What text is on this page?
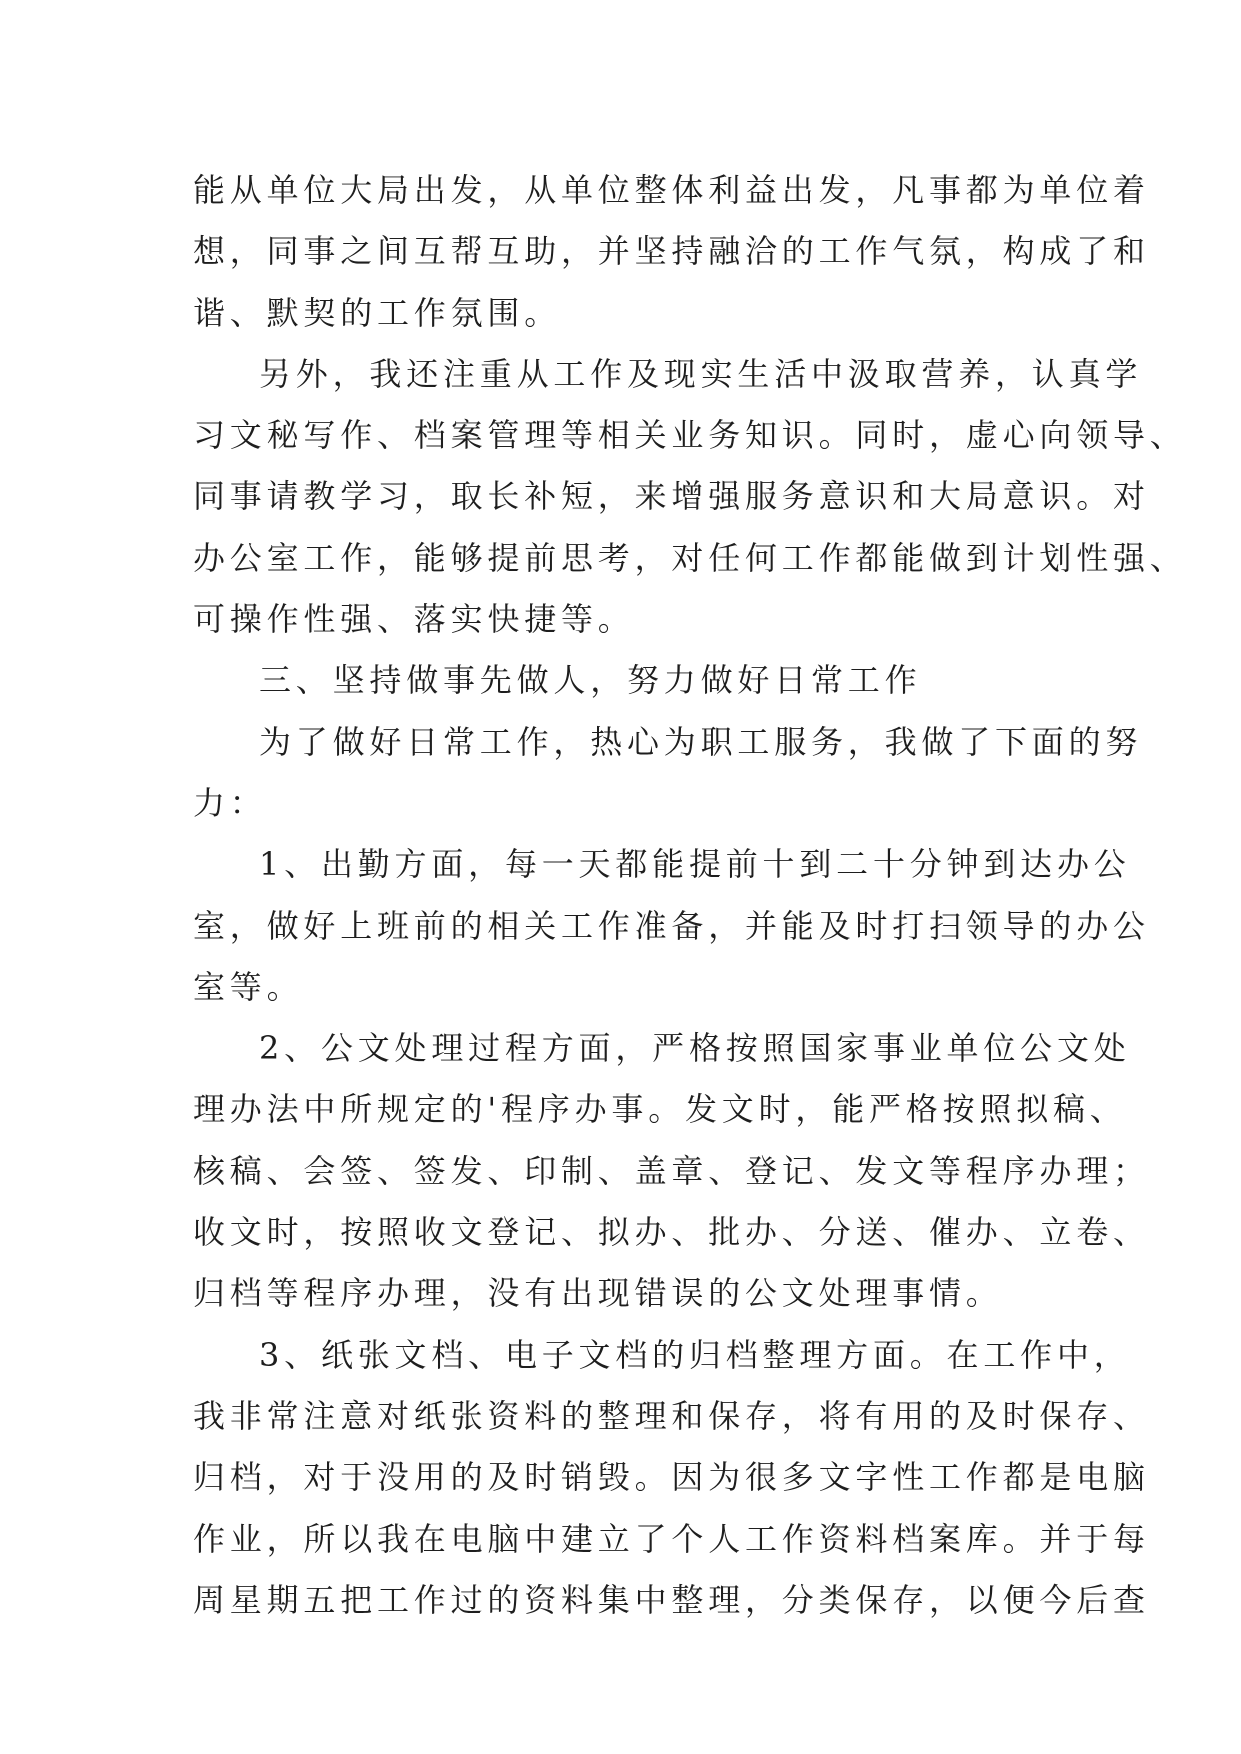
能从单位大局出发，从单位整体利益出发，凡事都为单位着
想，同事之间互帮互助，并坚持融洽的工作气氛，构成了和
谐、默契的工作氛围。
另外，我还注重从工作及现实生活中汲取营养，认真学
习文秘写作、档案管理等相关业务知识。同时，虚心向领导、
同事请教学习，取长补短，来增强服务意识和大局意识。对
办公室工作，能够提前思考，对任何工作都能做到计划性强、
可操作性强、落实快捷等。
三、坚持做事先做人，努力做好日常工作
为了做好日常工作，热心为职工服务，我做了下面的努
力：
1、出勤方面，每一天都能提前十到二十分钟到达办公
室，做好上班前的相关工作准备，并能及时打扫领导的办公
室等。
2、公文处理过程方面，严格按照国家事业单位公文处
理办法中所规定的'程序办事。发文时，能严格按照拟稿、
核稿、会签、签发、印制、盖章、登记、发文等程序办理；
收文时，按照收文登记、拟办、批办、分送、催办、立卷、
归档等程序办理，没有出现错误的公文处理事情。
3、纸张文档、电子文档的归档整理方面。在工作中，
我非常注意对纸张资料的整理和保存，将有用的及时保存、
归档，对于没用的及时销毁。因为很多文字性工作都是电脑
作业，所以我在电脑中建立了个人工作资料档案库。并于每
周星期五把工作过的资料集中整理，分类保存，以便今后查
